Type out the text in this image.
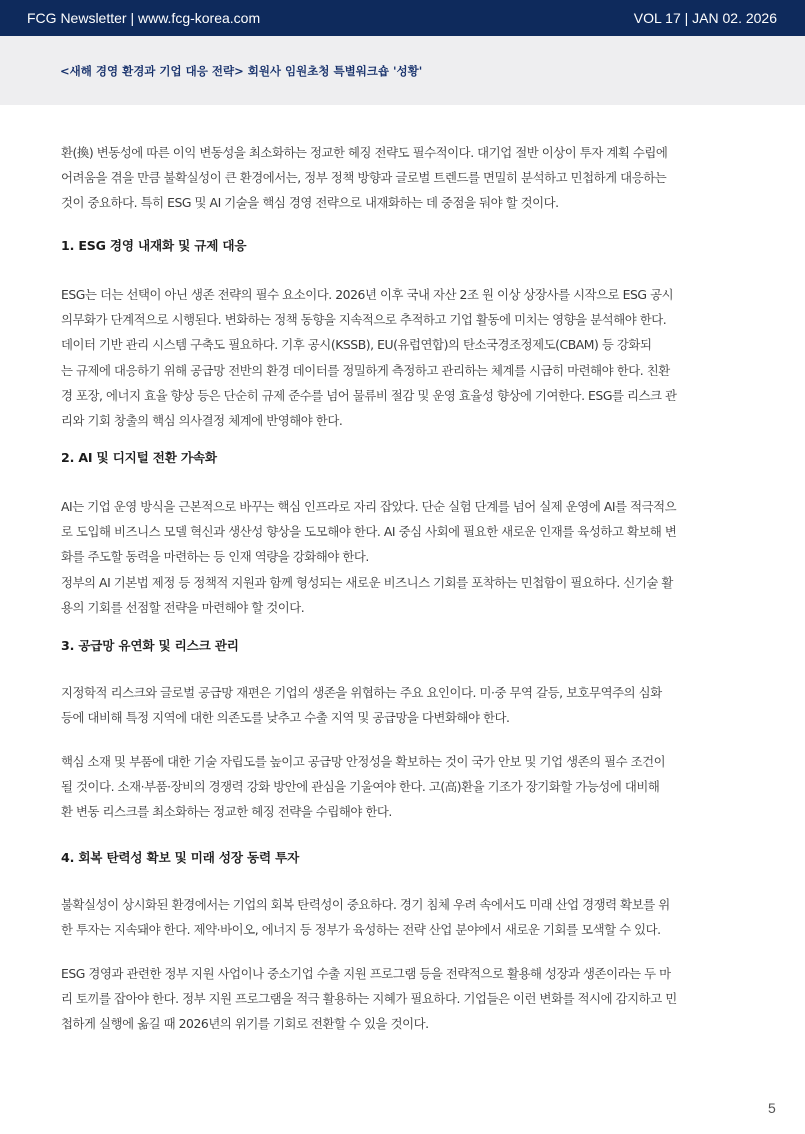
FCG Newsletter | www.fcg-korea.com	VOL 17 | JAN 02. 2026
<새해 경영 환경과 기업 대응 전략> 회원사 임원초청 특별워크숍 '성황'
환(換) 변동성에 따른 이익 변동성을 최소화하는 정교한 헤징 전략도 필수적이다. 대기업 절반 이상이 투자 계획 수립에
어려움을 겪을 만큼 불확실성이 큰 환경에서는, 정부 정책 방향과 글로벌 트렌드를 면밀히 분석하고 민첩하게 대응하는
것이 중요하다. 특히 ESG 및 AI 기술을 핵심 경영 전략으로 내재화하는 데 중점을 둬야 할 것이다.
1. ESG 경영 내재화 및 규제 대응
ESG는 더는 선택이 아닌 생존 전략의 필수 요소이다. 2026년 이후 국내 자산 2조 원 이상 상장사를 시작으로 ESG 공시
의무화가 단계적으로 시행된다. 변화하는 정책 동향을 지속적으로 추적하고 기업 활동에 미치는 영향을 분석해야 한다.
데이터 기반 관리 시스템 구축도 필요하다. 기후 공시(KSSB), EU(유럽연합)의 탄소국경조정제도(CBAM) 등 강화되
는 규제에 대응하기 위해 공급망 전반의 환경 데이터를 정밀하게 측정하고 관리하는 체계를 시급히 마련해야 한다. 친환
경 포장, 에너지 효율 향상 등은 단순히 규제 준수를 넘어 물류비 절감 및 운영 효율성 향상에 기여한다. ESG를 리스크 관
리와 기회 창출의 핵심 의사결정 체계에 반영해야 한다.
2. AI 및 디지털 전환 가속화
AI는 기업 운영 방식을 근본적으로 바꾸는 핵심 인프라로 자리 잡았다. 단순 실험 단계를 넘어 실제 운영에 AI를 적극적으
로 도입해 비즈니스 모델 혁신과 생산성 향상을 도모해야 한다. AI 중심 사회에 필요한 새로운 인재를 육성하고 확보해 변
화를 주도할 동력을 마련하는 등 인재 역량을 강화해야 한다.
정부의 AI 기본법 제정 등 정책적 지원과 함께 형성되는 새로운 비즈니스 기회를 포착하는 민첩함이 필요하다. 신기술 활
용의 기회를 선점할 전략을 마련해야 할 것이다.
3. 공급망 유연화 및 리스크 관리
지정학적 리스크와 글로벌 공급망 재편은 기업의 생존을 위협하는 주요 요인이다. 미·중 무역 갈등, 보호무역주의 심화
등에 대비해 특정 지역에 대한 의존도를 낮추고 수출 지역 및 공급망을 다변화해야 한다.
핵심 소재 및 부품에 대한 기술 자립도를 높이고 공급망 안정성을 확보하는 것이 국가 안보 및 기업 생존의 필수 조건이
될 것이다. 소재·부품·장비의 경쟁력 강화 방안에 관심을 기울여야 한다. 고(高)환율 기조가 장기화할 가능성에 대비해
환 변동 리스크를 최소화하는 정교한 헤징 전략을 수립해야 한다.
4. 회복 탄력성 확보 및 미래 성장 동력 투자
불확실성이 상시화된 환경에서는 기업의 회복 탄력성이 중요하다. 경기 침체 우려 속에서도 미래 산업 경쟁력 확보를 위
한 투자는 지속돼야 한다. 제약·바이오, 에너지 등 정부가 육성하는 전략 산업 분야에서 새로운 기회를 모색할 수 있다.
ESG 경영과 관련한 정부 지원 사업이나 중소기업 수출 지원 프로그램 등을 전략적으로 활용해 성장과 생존이라는 두 마
리 토끼를 잡아야 한다. 정부 지원 프로그램을 적극 활용하는 지혜가 필요하다. 기업들은 이런 변화를 적시에 감지하고 민
첩하게 실행에 옮길 때 2026년의 위기를 기회로 전환할 수 있을 것이다.
5
